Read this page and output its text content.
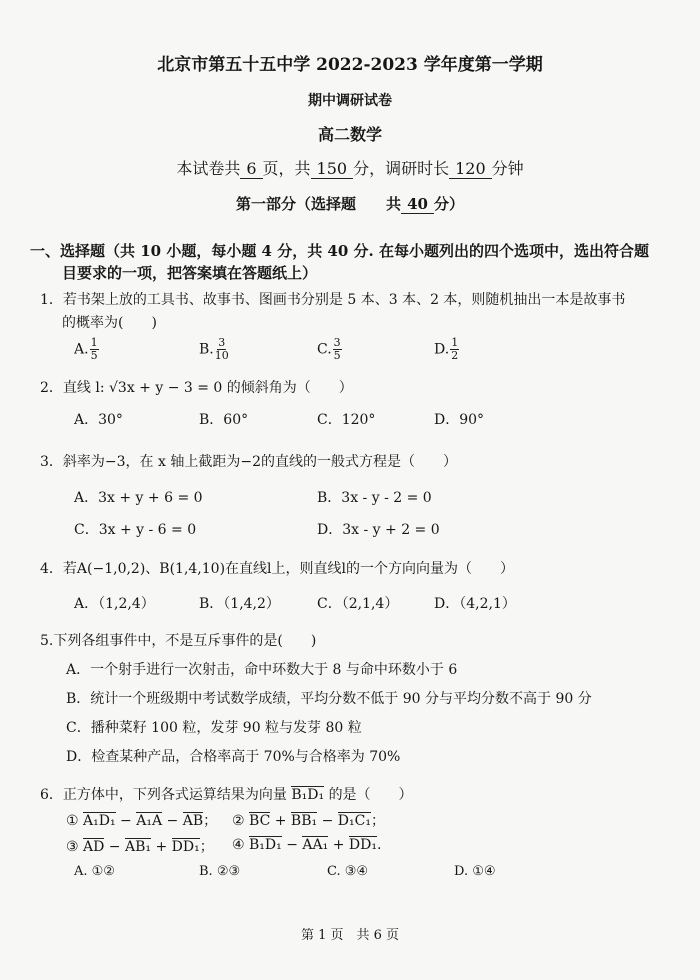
北京市第五十五中学 2022-2023 学年度第一学期
期中调研试卷
高二数学
本试卷共 6 页，共 150 分，调研时长 120 分钟
第一部分（选择题　　共 40 分）
一、选择题（共 10 小题，每小题 4 分，共 40 分. 在每小题列出的四个选项中，选出符合题
目要求的一项，把答案填在答题纸上）
1．若书架上放的工具书、故事书、图画书分别是 5 本、3 本、2 本，则随机抽出一本是故事书
的概率为(　　)
A. $\frac{1}{5}$	B. $\frac{3}{10}$	C. $\frac{3}{5}$	D. $\frac{1}{2}$
2．直线 l: √3x + y − 3 = 0 的倾斜角为（　　）
A．30°	B．60°	C．120°	D．90°
3．斜率为−3，在 x 轴上截距为−2的直线的一般式方程是（　　）
A．3x + y + 6 = 0	B．3x - y - 2 = 0
C．3x + y - 6 = 0	D．3x - y + 2 = 0
4．若A(−1,0,2)、B(1,4,10)在直线l上，则直线l的一个方向向量为（　　）
A．（1,2,4）	B．（1,4,2）	C．（2,1,4）	D．（4,2,1）
5.下列各组事件中，不是互斥事件的是(　　)
A．一个射手进行一次射击，命中环数大于 8 与命中环数小于 6
B．统计一个班级期中考试数学成绩，平均分数不低于 90 分与平均分数不高于 90 分
C．播种菜籽 100 粒，发芽 90 粒与发芽 80 粒
D．检查某种产品，合格率高于 70%与合格率为 70%
6．正方体中，下列各式运算结果为向量 B₁D₁ 的是（　　）
① A₁D₁ − A₁A − AB； ② BC + BB₁ − D₁C₁；
③ AD − AB₁ + DD₁； ④ B₁D₁ − AA₁ + DD₁.
A. ①②	B. ②③	C. ③④	D. ①④
第 1 页　共 6 页
